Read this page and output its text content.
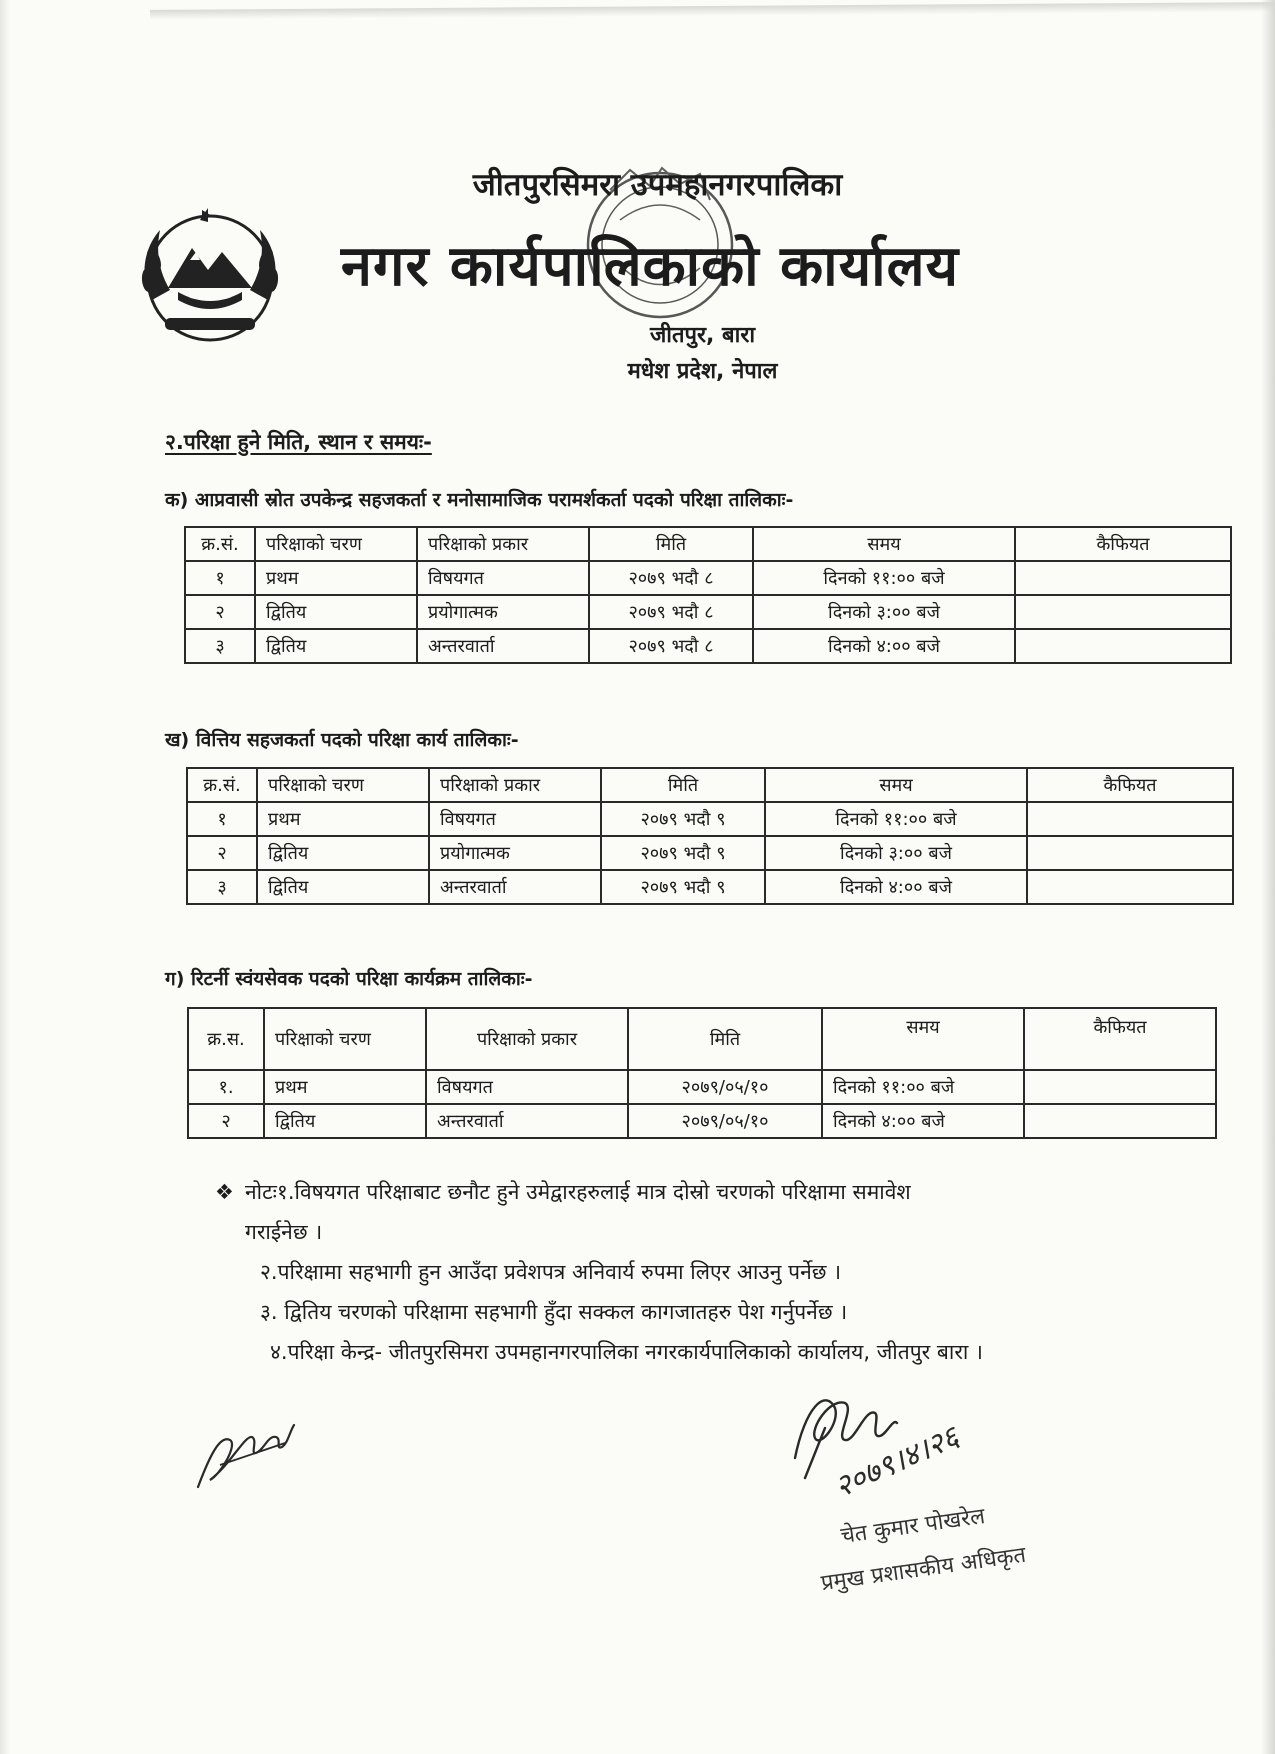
जीतपुरसिमरा उपमहानगरपालिका
नगर कार्यपालिकाको कार्यालय
जीतपुर, बारा
मधेश प्रदेश, नेपाल
२.परिक्षा हुने मिति, स्थान र समयः-
क) आप्रवासी स्रोत उपकेन्द्र सहजकर्ता र मनोसामाजिक परामर्शकर्ता पदको परिक्षा तालिकाः-
क्र.सं.	परिक्षाको चरण	परिक्षाको प्रकार	मिति	समय	कैफियत
१	प्रथम	विषयगत	२०७९ भदौ ८	दिनको ११:०० बजे	
२	द्वितिय	प्रयोगात्मक	२०७९ भदौ ८	दिनको ३:०० बजे	
३	द्वितिय	अन्तरवार्ता	२०७९ भदौ ८	दिनको ४:०० बजे	
ख) वित्तिय सहजकर्ता पदको परिक्षा कार्य तालिकाः-
क्र.सं.	परिक्षाको चरण	परिक्षाको प्रकार	मिति	समय	कैफियत
१	प्रथम	विषयगत	२०७९ भदौ ९	दिनको ११:०० बजे	
२	द्वितिय	प्रयोगात्मक	२०७९ भदौ ९	दिनको ३:०० बजे	
३	द्वितिय	अन्तरवार्ता	२०७९ भदौ ९	दिनको ४:०० बजे	
ग) रिटर्नी स्वंयसेवक पदको परिक्षा कार्यक्रम तालिकाः-
क्र.स.	परिक्षाको चरण	परिक्षाको प्रकार	मिति	समय	कैफियत
१.	प्रथम	विषयगत	२०७९/०५/१०	दिनको ११:०० बजे	
२	द्वितिय	अन्तरवार्ता	२०७९/०५/१०	दिनको ४:०० बजे	
❖ नोटः१.विषयगत परिक्षाबाट छनौट हुने उमेद्वारहरुलाई मात्र दोस्रो चरणको परिक्षामा समावेश
गराईनेछ ।
२.परिक्षामा सहभागी हुन आउँदा प्रवेशपत्र अनिवार्य रुपमा लिएर आउनु पर्नेछ ।
३. द्वितिय चरणको परिक्षामा सहभागी हुँदा सक्कल कागजातहरु पेश गर्नुपर्नेछ ।
४.परिक्षा केन्द्र- जीतपुरसिमरा उपमहानगरपालिका नगरकार्यपालिकाको कार्यालय, जीतपुर बारा ।
२०७९।४।२६
चेत कुमार पोखरेल
प्रमुख प्रशासकीय अधिकृत
